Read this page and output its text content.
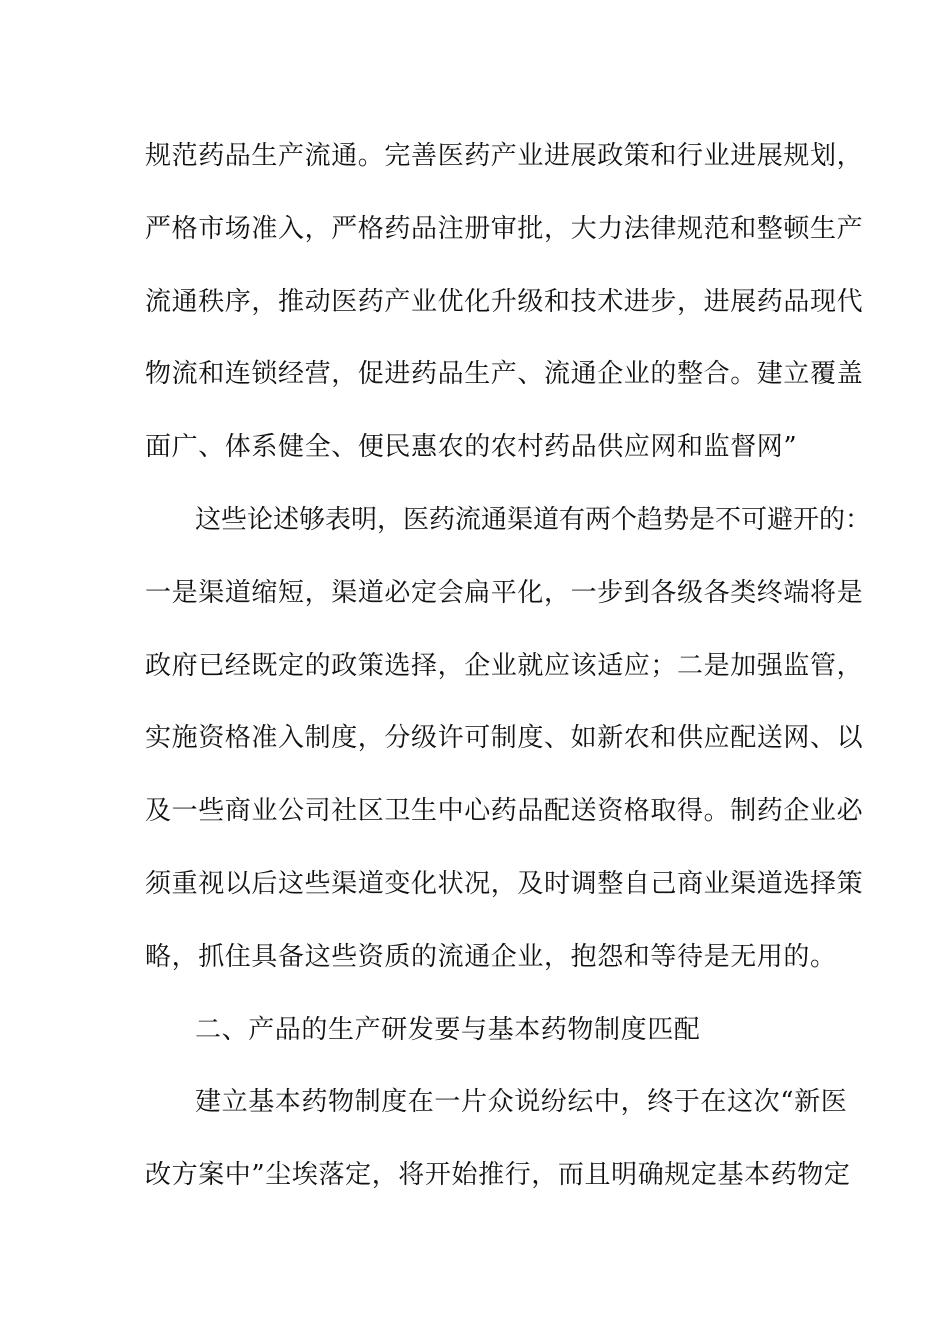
规范药品生产流通。完善医药产业进展政策和行业进展规划，
严格市场准入，严格药品注册审批，大力法律规范和整顿生产
流通秩序，推动医药产业优化升级和技术进步，进展药品现代
物流和连锁经营，促进药品生产、流通企业的整合。建立覆盖
面广、体系健全、便民惠农的农村药品供应网和监督网”
这些论述够表明，医药流通渠道有两个趋势是不可避开的：
一是渠道缩短，渠道必定会扁平化，一步到各级各类终端将是
政府已经既定的政策选择，企业就应该适应；二是加强监管，
实施资格准入制度，分级许可制度、如新农和供应配送网、以
及一些商业公司社区卫生中心药品配送资格取得。制药企业必
须重视以后这些渠道变化状况，及时调整自己商业渠道选择策
略，抓住具备这些资质的流通企业，抱怨和等待是无用的。
二、产品的生产研发要与基本药物制度匹配
建立基本药物制度在一片众说纷纭中，终于在这次“新医
改方案中”尘埃落定，将开始推行，而且明确规定基本药物定
